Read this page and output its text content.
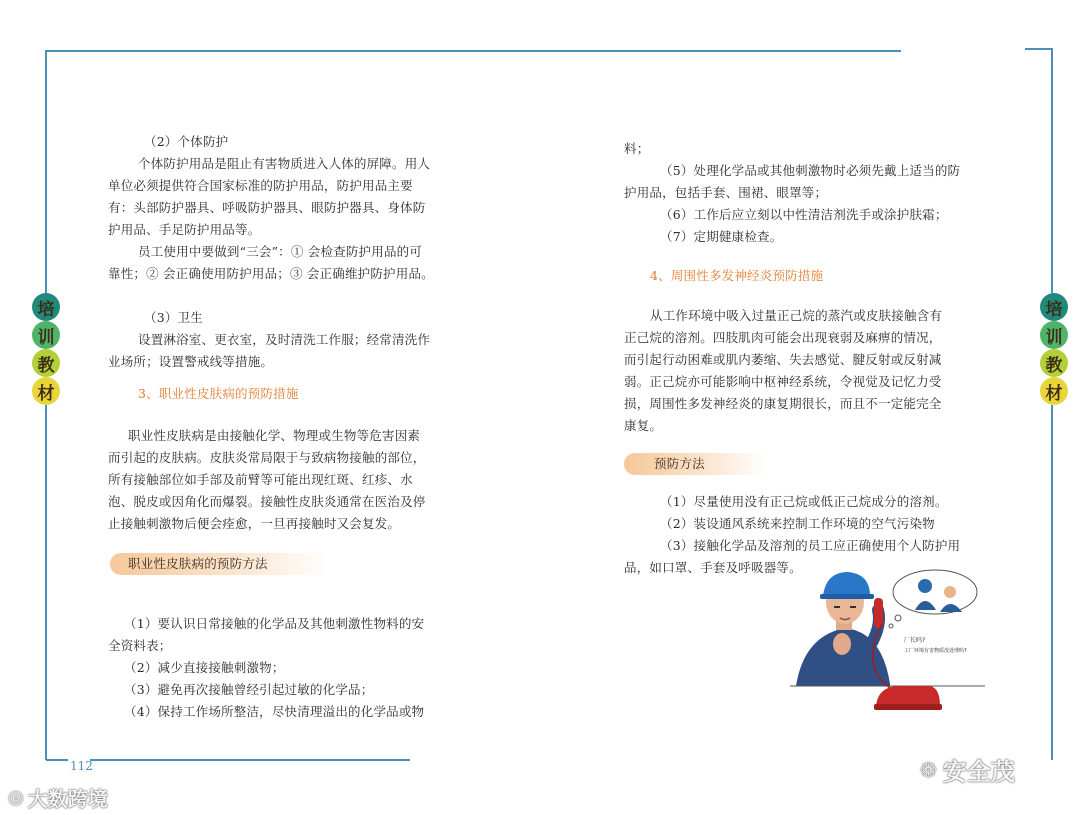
培
训
教
材
培
训
教
材

（2）个体防护

个体防护用品是阻止有害物质进入人体的屏障。用人

单位必须提供符合国家标准的防护用品，防护用品主要

有：头部防护器具、呼吸防护器具、眼防护器具、身体防

护用品、手足防护用品等。

员工使用中要做到“三会”：① 会检查防护用品的可

靠性；② 会正确使用防护用品；③ 会正确维护防护用品。

（3）卫生

设置淋浴室、更衣室，及时清洗工作服；经常清洗作

业场所；设置警戒线等措施。

3、职业性皮肤病的预防措施

职业性皮肤病是由接触化学、物理或生物等危害因素

而引起的皮肤病。皮肤炎常局限于与致病物接触的部位，

所有接触部位如手部及前臂等可能出现红斑、红疹、水

泡、脱皮或因角化而爆裂。接触性皮肤炎通常在医治及停

止接触刺激物后便会痊愈，一旦再接触时又会复发。

职业性皮肤病的预防方法

（1）要认识日常接触的化学品及其他刺激性物料的安

全资料表；

（2）减少直接接触刺激物；

（3）避免再次接触曾经引起过敏的化学品；

（4）保持工作场所整洁，尽快清理溢出的化学品或物

料；

（5）处理化学品或其他刺激物时必须先戴上适当的防

护用品，包括手套、围裙、眼罩等；

（6）工作后应立刻以中性清洁剂洗手或涂护肤霜；

（7）定期健康检查。

4、周围性多发神经炎预防措施

从工作环境中吸入过量正己烷的蒸汽或皮肤接触含有

正己烷的溶剂。四肢肌肉可能会出现衰弱及麻痹的情况，

而引起行动困难或肌内萎缩、失去感觉、腱反射或反射减

弱。正己烷亦可能影响中枢神经系统，令视觉及记忆力受

损，周围性多发神经炎的康复期很长，而且不一定能完全

康复。

预防方法

（1）尽量使用没有正己烷或低正己烷成分的溶剂。

（2）装设通风系统来控制工作环境的空气污染物

（3）接触化学品及溶剂的员工应正确使用个人防护用

品，如口罩、手套及呼吸器等。

厂长吗?
工厂环境有害物质没处理吗?
112	❁ 安全茂
◎ 大数跨境
